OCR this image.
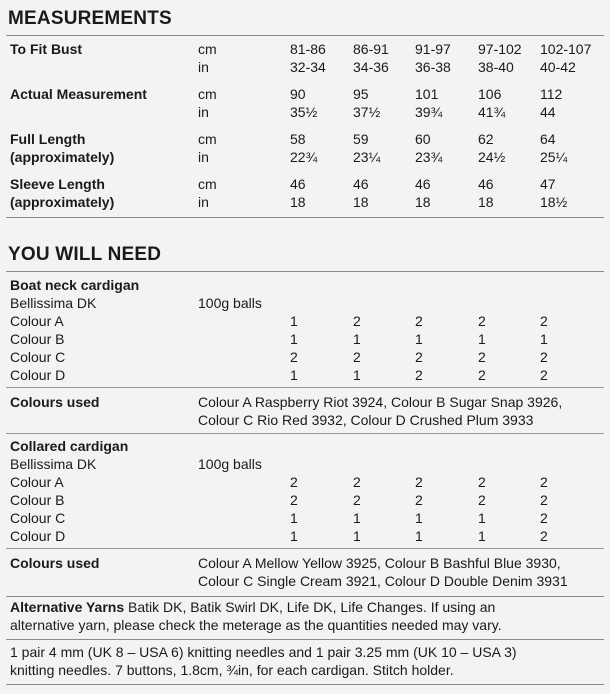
MEASUREMENTS
To Fit Bust	cm	81-86 86-91 91-97 97-102 102-107
in	32-34 34-36 36-38 38-40 40-42
Actual Measurement	cm	90	95	101	106	112
in	35½	37½ 39¾	41¾ 44
Full Length
(approximately)
cm	58	59	60	62	64
in	22¾	23¼ 23¾	24½ 25¼
Sleeve Length
(approximately)
cm	46	46	46	46	47
in	18	18	18	18	18½
YOU WILL NEED
Boat neck cardigan
Bellissima DK	100g balls
Colour A	1	2	2	2	2
Colour B	1	1	1	1	1
Colour C	2	2	2	2	2
Colour D	1	1	2	2	2
Colours used	Colour A Raspberry Riot 3924, Colour B Sugar Snap 3926,
Colour C Rio Red 3932, Colour D Crushed Plum 3933
Collared cardigan
Bellissima DK	100g balls
Colour A	2	2	2	2	2
Colour B	2	2	2	2	2
Colour C	1	1	1	1	2
Colour D	1	1	1	1	2
Colours used	Colour A Mellow Yellow 3925, Colour B Bashful Blue 3930,
Colour C Single Cream 3921, Colour D Double Denim 3931
Alternative Yarns Batik DK, Batik Swirl DK, Life DK, Life Changes. If using an
alternative yarn, please check the meterage as the quantities needed may vary.
1 pair 4 mm (UK 8 – USA 6) knitting needles and 1 pair 3.25 mm (UK 10 – USA 3)
knitting needles. 7 buttons, 1.8cm, ¾in, for each cardigan. Stitch holder.
